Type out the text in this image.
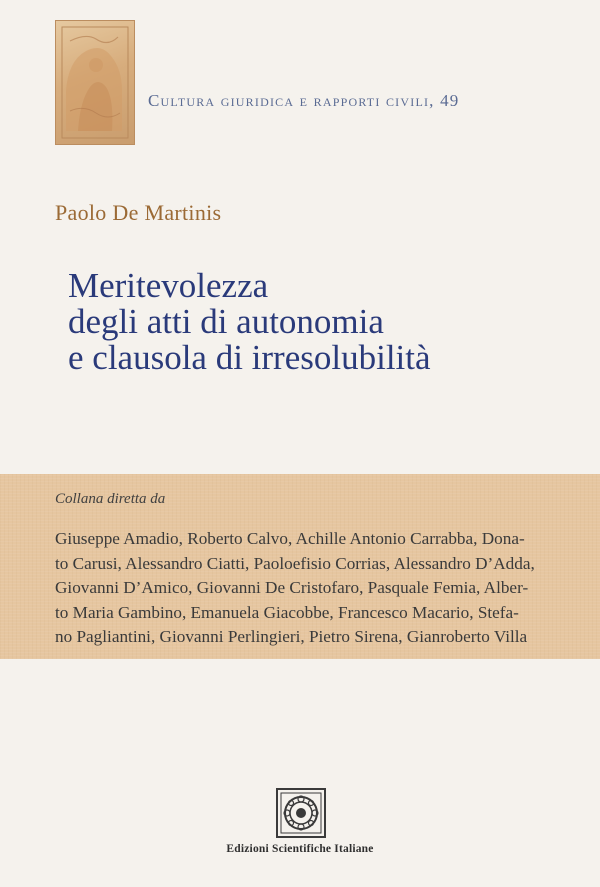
Cultura giuridica e rapporti civili, 49
Paolo De Martinis
Meritevolezza
degli atti di autonomia
e clausola di irresolubilità
Collana diretta da
Giuseppe Amadio, Roberto Calvo, Achille Antonio Carrabba, Dona-
to Carusi, Alessandro Ciatti, Paoloefisio Corrias, Alessandro D’Adda,
Giovanni D’Amico, Giovanni De Cristofaro, Pasquale Femia, Alber-
to Maria Gambino, Emanuela Giacobbe, Francesco Macario, Stefa-
no Pagliantini, Giovanni Perlingieri, Pietro Sirena, Gianroberto Villa
Edizioni Scientifiche Italiane
